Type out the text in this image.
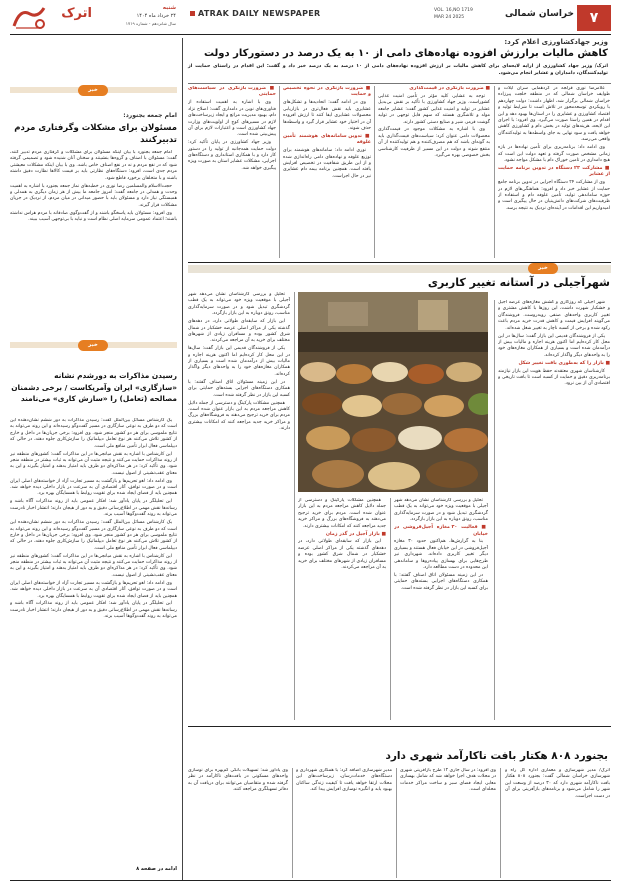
۷
خراسان شمالی
VOL. 16,NO 1719
MAR 24 2025
ATRAK DAILY NEWSPAPER
اترک	شنبه
۲۴ خرداد ماه ۱۴۰۴
سال شانزدهم - شماره ۱۷۱۹
وزیر جهادکشاورزی اعلام کرد:
کاهش مالیات برارزش افزوده نهاده‌های دامی از ۱۰ به یک درصد در دستورکار دولت
اترک/ وزیر جهاد کشاورزی از ارایه لایحه‌ای برای کاهش مالیات بر ارزش افزوده نهاده‌های دامی از ۱۰ درصد به یک درصد خبر داد و گفت: این اقدام در راستای حمایت از تولیدکنندگان، دامداران و عشایر انجام می‌شود.

علامرضا نوری قزلجه در گردهمایی سران ایلات و طوایف خراسان شمالی که در منطقه خلجت پیرزاده خراسان شمالی برگزار شد، اظهار داشت: دولت چهاردهم با رویکردی توسعه‌محور در تلاش است تا شرایط تولید و اقتصاد کشاورزی و عشایری را در استان‌ها بهبود دهد و این اقدام در همین راستا صورت می‌گیرد. وی افزود: با اجرای این لایحه، هزینه‌های تولید در بخش دام و کشاورزی کاهش خواهد یافت و سود نهایی به جای واسطه‌ها به تولیدکنندگان واقعی می‌رسد.

وی ادامه داد: برنامه‌ریزی برای تأمین نهاده‌ها در بازه زمانی مشخص صورت گرفته و تعهد دولت این است که هیچ دامداری در تامین خوراک دام با مشکل مواجه نشود.

■ مشارکت ۲۴ دستگاه در تدوین برنامه حمایت از عشایر

وی از مشارکت ۲۴ دستگاه اجرایی در تدوین برنامه جامع حمایت از عشایر خبر داد و افزود: هماهنگی‌های لازم در حوزه ساماندهی تولید، تأمین علوفه دام و استفاده از ظرفیت‌های شرکت‌های دانش‌بنیان در حال پیگیری است و امیدواریم این اقدامات در آینده‌ای نزدیک به نتیجه برسد.

■ ضرورت بازنگری در قیمت‌گذاری

توجه به عشایر، کلید مؤثر در تأمین امنیت غذایی کشوراست. وزیر جهاد کشاورزی با تأکید بر نقش بی‌بدیل عشایر در تولید و امنیت غذایی کشور گفت: عشایر جامعه مولد و تلاشگری هستند که سهم قابل توجهی در تولید گوشت قرمز، شیر و صنایع دستی کشور دارند.

وی با اشاره به مشکلات موجود در قیمت‌گذاری محصولات دامی عنوان کرد: سیاست‌های قیمت‌گذاری باید به گونه‌ای باشد که هم مصرف‌کننده و هم تولیدکننده از آن منتفع شوند و دولت در این مسیر از ظرفیت کارشناسی بخش خصوصی بهره می‌گیرد.

■ ضرورت بازنگری در نحوه تخصیص و حمایت

وی در ادامه گفت: اتحادیه‌ها و تشکل‌های عشایری باید نقش فعال‌تری در بازاریابی محصولات عشایری ایفا کنند تا ارزش افزوده آن در اختیار خود عشایر قرار گیرد و واسطه‌ها حذف شوند.

■ تدوین سامانه‌های هوشمند تأمین علوفه

نوری ادامه داد: سامانه‌های هوشمند برای توزیع علوفه و نهاده‌های دامی راه‌اندازی شده و از این طریق شفافیت در تخصیص افزایش یافته است. همچنین برنامه بیمه دام عشایری نیز در حال اجراست.

■ ضرورت بازنگری در سیاست‌های حمایتی

وی با اشاره به اهمیت استفاده از فناوری‌های نوین در دامداری گفت: اصلاح نژاد دام، بهبود مدیریت مراتع و ایجاد زیرساخت‌های لازم در مسیرهای کوچ از اولویت‌های وزارت جهاد کشاورزی است و اعتبارات لازم برای آن پیش‌بینی شده است.

وزیر جهاد کشاورزی در پایان تأکید کرد: دولت حمایت همه‌جانبه از تولید را در دستور کار دارد و با همکاری استانداری و دستگاه‌های اجرایی، مشکلات عشایر استان به صورت ویژه پیگیری خواهد شد.

خبر
شهرآجیلی در آستانه تغییر کاربری

شهر آجیلی که روزگاری و کشش مغازه‌های عرضه آجیل و خشکبار شهرت داشت، این روزها با کاهش مشتری و تغییر کاربری واحدهای صنفی روبه‌روست. فروشندگان می‌گویند افزایش قیمت و کاهش قدرت خرید مردم باعث رکود شده و برخی از کسبه ناچار به تغییر شغل شده‌اند.

یکی از فروشندگان قدیمی این بازار گفت: سال‌ها در این محل کار کرده‌ایم اما اکنون هزینه اجاره و مالیات بیش از درآمدمان شده است و بسیاری از همکاران مغازه‌های خود را به واحدهای دیگر واگذار کرده‌اند.

■ بازار را که به‌طوری بافت تغییر شکل

کارشناسان شهری معتقدند حفظ هویت این بازار نیازمند برنامه‌ریزی دقیق و حمایت از کسبه است تا بافت تاریخی و اقتصادی آن از بین نرود.

تحلیل و بررسی کارشناسان نشان می‌دهد شهر آجیلی با موقعیت ویژه خود می‌تواند به یک قطب گردشگری تبدیل شود و در صورت سرمایه‌گذاری مناسب، رونق دوباره به این بازار بازگردد.

■ فعالیت ۳۰ مغازه آجیل‌فروشی در خیابان

بنا به گزارش‌ها، هم‌اکنون حدود ۳۰ مغازه آجیل‌فروشی در این خیابان فعال هستند و بسیاری دیگر تغییر کاربری داده‌اند. شهرداری نیز طرح‌هایی برای بهسازی پیاده‌روها و ساماندهی این محدوده در دست مطالعه دارد.

در این زمینه مسئولان اتاق اصناف گفتند: با همکاری دستگاه‌های اجرایی بسته‌های حمایتی برای کسبه این بازار در نظر گرفته شده است.

همچنین مشکلات پارکینگ و دسترسی از جمله دلایل کاهش مراجعه مردم به این بازار عنوان شده است. مردم برای خرید ترجیح می‌دهند به فروشگاه‌های بزرگ و مراکز خرید جدید مراجعه کنند که امکانات بیشتری دارند.

■ بازار آجیل در گذر زمان

این بازار که سابقه‌ای طولانی دارد، در دهه‌های گذشته یکی از مراکز اصلی عرضه خشکبار در شمال شرق کشور بوده و مسافران زیادی از شهرهای مختلف برای خرید به آن مراجعه می‌کردند.

تحلیل و بررسی کارشناسان نشان می‌دهد شهر آجیلی با موقعیت ویژه خود می‌تواند به یک قطب گردشگری تبدیل شود و در صورت سرمایه‌گذاری مناسب، رونق دوباره به این بازار بازگردد.

این بازار که سابقه‌ای طولانی دارد، در دهه‌های گذشته یکی از مراکز اصلی عرضه خشکبار در شمال شرق کشور بوده و مسافران زیادی از شهرهای مختلف برای خرید به آن مراجعه می‌کردند.

یکی از فروشندگان قدیمی این بازار گفت: سال‌ها در این محل کار کرده‌ایم اما اکنون هزینه اجاره و مالیات بیش از درآمدمان شده است و بسیاری از همکاران مغازه‌های خود را به واحدهای دیگر واگذار کرده‌اند.

در این زمینه مسئولان اتاق اصناف گفتند: با همکاری دستگاه‌های اجرایی بسته‌های حمایتی برای کسبه این بازار در نظر گرفته شده است.

همچنین مشکلات پارکینگ و دسترسی از جمله دلایل کاهش مراجعه مردم به این بازار عنوان شده است. مردم برای خرید ترجیح می‌دهند به فروشگاه‌های بزرگ و مراکز خرید جدید مراجعه کنند که امکانات بیشتری دارند.

بجنورد ۸۰۸ هکتار بافت ناکارآمد شهری دارد
اترک/ مدیر شهرسازی و معماری اداره کل راه و شهرسازی خراسان شمالی گفت: بجنورد ۸۰۸ هکتار بافت ناکارآمد شهری دارد که ۳۰ درصد از وسعت این شهر را شامل می‌شود و برنامه‌های بازآفرینی برای آن در دست اجراست.
وی افزود: در سال جاری ۱۲ طرح بازآفرینی شهری در محلات هدف اجرا خواهد شد که شامل بهسازی معابر، ایجاد فضای سبز و ساخت مراکز خدمات محله‌ای است.
مدیر شهرسازی اضافه کرد: با همکاری شهرداری و دستگاه‌های خدمات‌رسان، زیرساخت‌های این محلات ارتقا خواهد یافت تا کیفیت زندگی ساکنان بهبود یابد و انگیزه نوسازی افزایش پیدا کند.
وی یادآور شد: تسهیلات بانکی کم‌بهره برای نوسازی واحدهای مسکونی در بافت‌های ناکارآمد در نظر گرفته شده و متقاضیان می‌توانند برای دریافت آن به دفاتر تسهیلگری مراجعه کنند.
خبر
امام جمعه بجنورد:
مسئولان برای مشکلات وگرفتاری مردم تدبیرکنند

امام جمعه بجنورد با بیان اینکه مسئولان برای مشکلات و گرفتاری مردم تدبیر کنند، گفت: مسئولان با اصناف و گروه‌ها بنشینند و سخنان آنان شنیده شود و تصمیمی گرفته شود که در نفع مردم و نه در نفع اصناف خاص باشد. وی با بیان اینکه مشکلات معیشتی مردم جدی است، افزود: دستگاه‌های نظارتی باید بر قیمت کالاها نظارت دقیق داشته باشند و با متخلفان برخورد قاطع شود.

حجت‌الاسلام والمسلمین رضا نوری در خطبه‌های نماز جمعه بجنورد با اشاره به اهمیت وحدت و همدلی در جامعه گفت: امروز جامعه ما بیش از هر زمان دیگری به همدلی و همبستگی نیاز دارد و مسئولان باید با حضور میدانی در میان مردم، از نزدیک در جریان مشکلات قرار گیرند.

وی افزود: مسئولان باید پاسخگو باشند و از گفت‌وگوی صادقانه با مردم هراس نداشته باشند؛ اعتماد عمومی سرمایه اصلی نظام است و نباید با بی‌توجهی آسیب ببیند.

خبر
رسیدن مذاکرات به دورشدم نشانه «سازگاری» ایران وآمریکاست / برخی دشمنان مصالحه (تعامل) را «سازش کاری» می‌نامند

یک کارشناس مسائل بین‌الملل گفت: رسیدن مذاکرات به دور ششم نشان‌دهنده این است که دو طرف به نوعی سازگاری در مسیر گفت‌وگو رسیده‌اند و این روند می‌تواند به نتایج ملموسی برای هر دو کشور منجر شود. وی افزود: برخی جریان‌ها در داخل و خارج از کشور تلاش می‌کنند هر نوع تعامل دیپلماتیک را سازش‌کاری جلوه دهند، در حالی که دیپلماسی فعال ابزار تأمین منافع ملی است.

این کارشناس با اشاره به نقش میانجی‌ها در این مذاکرات گفت: کشورهای منطقه نیز از روند مذاکرات حمایت می‌کنند و نتیجه مثبت آن می‌تواند به ثبات بیشتر در منطقه منجر شود. وی تأکید کرد: در هر مذاکره‌ای دو طرف باید امتیاز بدهند و امتیاز بگیرند و این به معنای عقب‌نشینی از اصول نیست.

وی ادامه داد: لغو تحریم‌ها و بازگشت به مسیر تجارت آزاد از خواسته‌های اصلی ایران است و در صورت توافق، آثار اقتصادی آن به سرعت در بازار داخلی دیده خواهد شد. همچنین باید از فضای ایجاد شده برای تقویت روابط با همسایگان بهره برد.

این تحلیلگر در پایان یادآور شد: افکار عمومی باید از روند مذاکرات آگاه باشد و رسانه‌ها نقش مهمی در اطلاع‌رسانی دقیق و به دور از هیجان دارند؛ انتشار اخبار نادرست می‌تواند به روند گفت‌وگوها آسیب بزند.

یک کارشناس مسائل بین‌الملل گفت: رسیدن مذاکرات به دور ششم نشان‌دهنده این است که دو طرف به نوعی سازگاری در مسیر گفت‌وگو رسیده‌اند و این روند می‌تواند به نتایج ملموسی برای هر دو کشور منجر شود. وی افزود: برخی جریان‌ها در داخل و خارج از کشور تلاش می‌کنند هر نوع تعامل دیپلماتیک را سازش‌کاری جلوه دهند، در حالی که دیپلماسی فعال ابزار تأمین منافع ملی است.

این کارشناس با اشاره به نقش میانجی‌ها در این مذاکرات گفت: کشورهای منطقه نیز از روند مذاکرات حمایت می‌کنند و نتیجه مثبت آن می‌تواند به ثبات بیشتر در منطقه منجر شود. وی تأکید کرد: در هر مذاکره‌ای دو طرف باید امتیاز بدهند و امتیاز بگیرند و این به معنای عقب‌نشینی از اصول نیست.

وی ادامه داد: لغو تحریم‌ها و بازگشت به مسیر تجارت آزاد از خواسته‌های اصلی ایران است و در صورت توافق، آثار اقتصادی آن به سرعت در بازار داخلی دیده خواهد شد. همچنین باید از فضای ایجاد شده برای تقویت روابط با همسایگان بهره برد.

این تحلیلگر در پایان یادآور شد: افکار عمومی باید از روند مذاکرات آگاه باشد و رسانه‌ها نقش مهمی در اطلاع‌رسانی دقیق و به دور از هیجان دارند؛ انتشار اخبار نادرست می‌تواند به روند گفت‌وگوها آسیب بزند.

ادامه در صفحه ۸
